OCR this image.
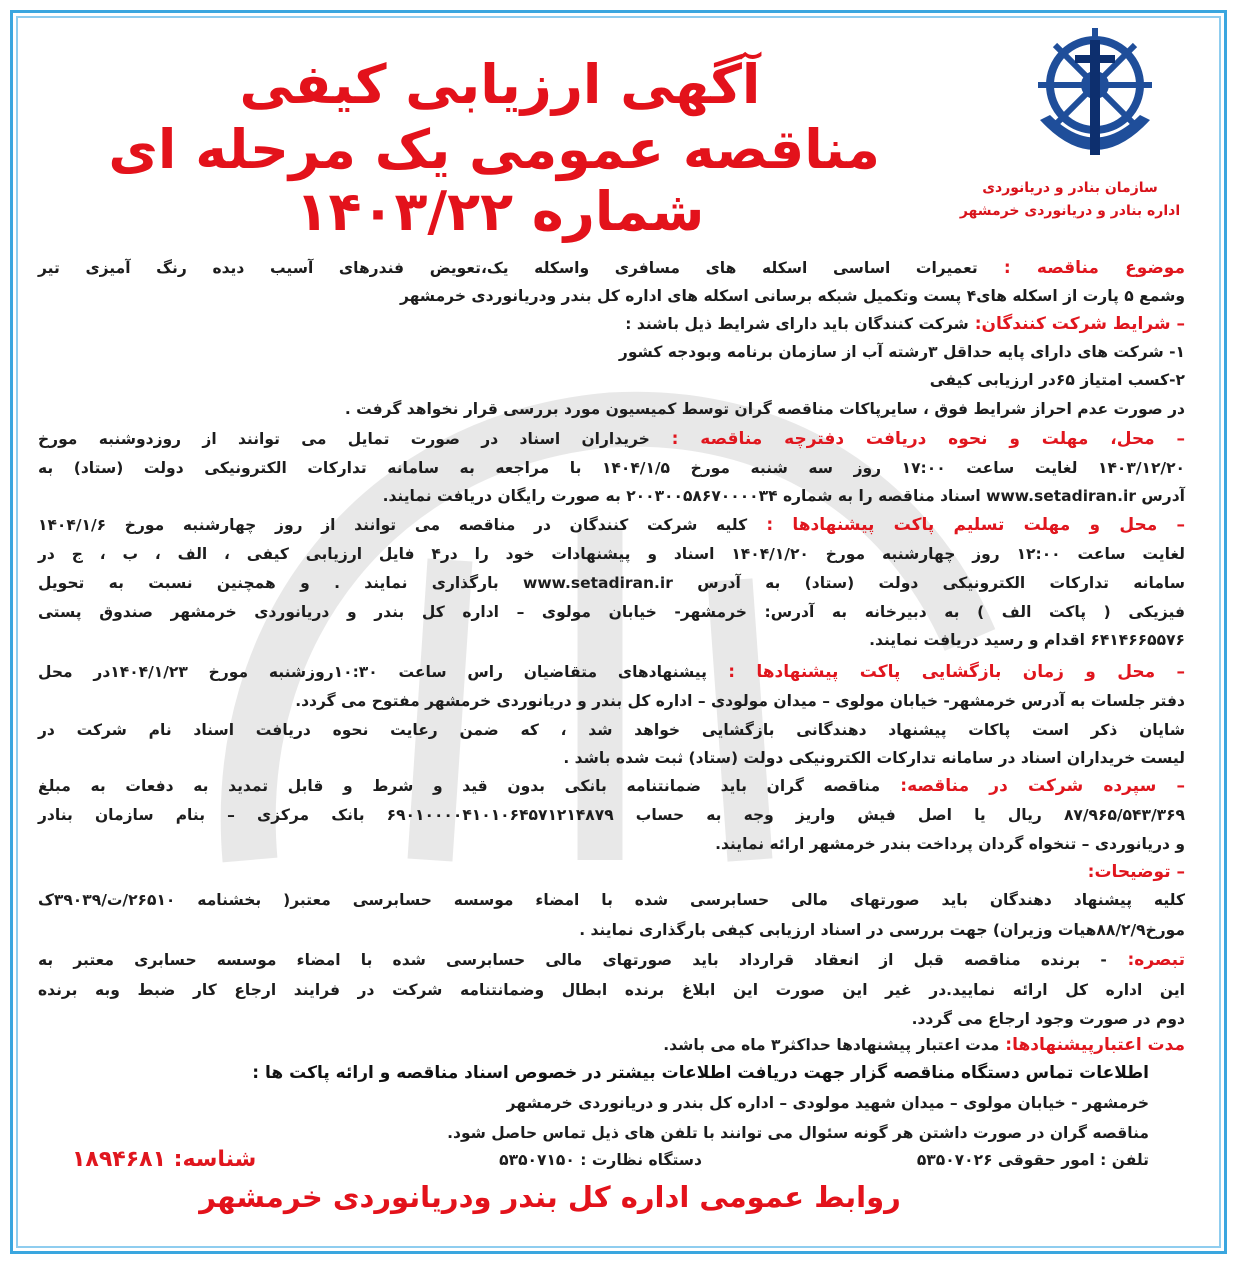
آگهی ارزیابی کیفی
مناقصه عمومی یک مرحله ای
شماره ۱۴۰۳/۲۲	سازمان بنادر و دریانوردی
اداره بنادر و دریانوردی خرمشهر
موضوع مناقصه : تعمیرات اساسی اسکله های مسافری واسکله یک،تعویض فندرهای آسیب دیده رنگ آمیزی تیر
وشمع ۵ پارت از اسکله های۴ پست وتکمیل شبکه برسانی اسکله های اداره کل بندر ودریانوردی خرمشهر
– شرایط شرکت کنندگان: شرکت کنندگان باید دارای شرایط ذیل باشند :
۱- شرکت های دارای پایه حداقل ۳رشته آب از سازمان برنامه وبودجه کشور
۲-کسب امتیاز ۶۵در ارزیابی کیفی
در صورت عدم احراز شرایط فوق ، سایرپاکات مناقصه گران توسط کمیسیون مورد بررسی قرار نخواهد گرفت .
– محل، مهلت و نحوه دریافت دفترچه مناقصه : خریداران اسناد در صورت تمایل می توانند از روزدوشنبه مورخ
۱۴۰۳/۱۲/۲۰ لغایت ساعت ۱۷:۰۰ روز سه شنبه مورخ ۱۴۰۴/۱/۵ با مراجعه به سامانه تدارکات الکترونیکی دولت (ستاد) به
آدرس www.setadiran.ir اسناد مناقصه را به شماره ۲۰۰۳۰۰۵۸۶۷۰۰۰۰۳۴ به صورت رایگان دریافت نمایند.
– محل و مهلت تسلیم پاکت پیشنهادها : کلیه شرکت کنندگان در مناقصه می توانند از روز چهارشنبه مورخ ۱۴۰۴/۱/۶
لغایت ساعت ۱۲:۰۰ روز چهارشنبه مورخ ۱۴۰۴/۱/۲۰ اسناد و پیشنهادات خود را در۴ فایل ارزیابی کیفی ، الف ، ب ، ج در
سامانه تدارکات الکترونیکی دولت (ستاد) به آدرس www.setadiran.ir بارگذاری نمایند . و همچنین نسبت به تحویل
فیزیکی ( پاکت الف ) به دبیرخانه به آدرس: خرمشهر- خیابان مولوی – اداره کل بندر و دریانوردی خرمشهر صندوق پستی
۶۴۱۴۶۶۵۵۷۶ اقدام و رسید دریافت نمایند.
– محل و زمان بازگشایی پاکت پیشنهادها : پیشنهادهای متقاضیان راس ساعت ۱۰:۳۰روزشنبه مورخ ۱۴۰۴/۱/۲۳در محل
دفتر جلسات به آدرس خرمشهر- خیابان مولوی – میدان مولودی – اداره کل بندر و دریانوردی خرمشهر مفتوح می گردد.
شایان ذکر است پاکات پیشنهاد دهندگانی بازگشایی خواهد شد ، که ضمن رعایت نحوه دریافت اسناد نام شرکت در
لیست خریداران اسناد در سامانه تدارکات الکترونیکی دولت (ستاد) ثبت شده باشد .
– سپرده شرکت در مناقصه: مناقصه گران باید ضمانتنامه بانکی بدون قید و شرط و قابل تمدید به دفعات به مبلغ
۸۷/۹۶۵/۵۴۳/۳۶۹ ریال یا اصل فیش واریز وجه به حساب ۶۹۰۱۰۰۰۰۴۱۰۱۰۶۴۵۷۱۲۱۴۸۷۹ بانک مرکزی – بنام سازمان بنادر
و دریانوردی – تنخواه گردان پرداخت بندر خرمشهر ارائه نمایند.
– توضیحات:
کلیه پیشنهاد دهندگان باید صورتهای مالی حسابرسی شده با امضاء موسسه حسابرسی معتبر( بخشنامه ۲۶۵۱۰/ت/۳۹۰۳۹ک
مورخ۸۸/۲/۹هیات وزیران) جهت بررسی در اسناد ارزیابی کیفی بارگذاری نمایند .
تبصره: - برنده مناقصه قبل از انعقاد قرارداد باید صورتهای مالی حسابرسی شده با امضاء موسسه حسابری معتبر به
این اداره کل ارائه نمایید.در غیر این صورت این ابلاغ برنده ابطال وضمانتنامه شرکت در فرایند ارجاع کار ضبط وبه برنده
دوم در صورت وجود ارجاع می گردد.
مدت اعتبارپیشنهادها: مدت اعتبار پیشنهادها حداکثر۳ ماه می باشد.
اطلاعات تماس دستگاه مناقصه گزار جهت دریافت اطلاعات بیشتر در خصوص اسناد مناقصه و ارائه پاکت ها :
خرمشهر - خیابان مولوی – میدان شهید مولودی – اداره کل بندر و دریانوردی خرمشهر
مناقصه گران در صورت داشتن هر گونه سئوال می توانند با تلفن های ذیل تماس حاصل شود.
تلفن : امور حقوقی ۵۳۵۰۷۰۲۶
دستگاه نظارت : ۵۳۵۰۷۱۵۰
شناسه: ۱۸۹۴۶۸۱
روابط عمومی اداره کل بندر ودریانوردی خرمشهر
